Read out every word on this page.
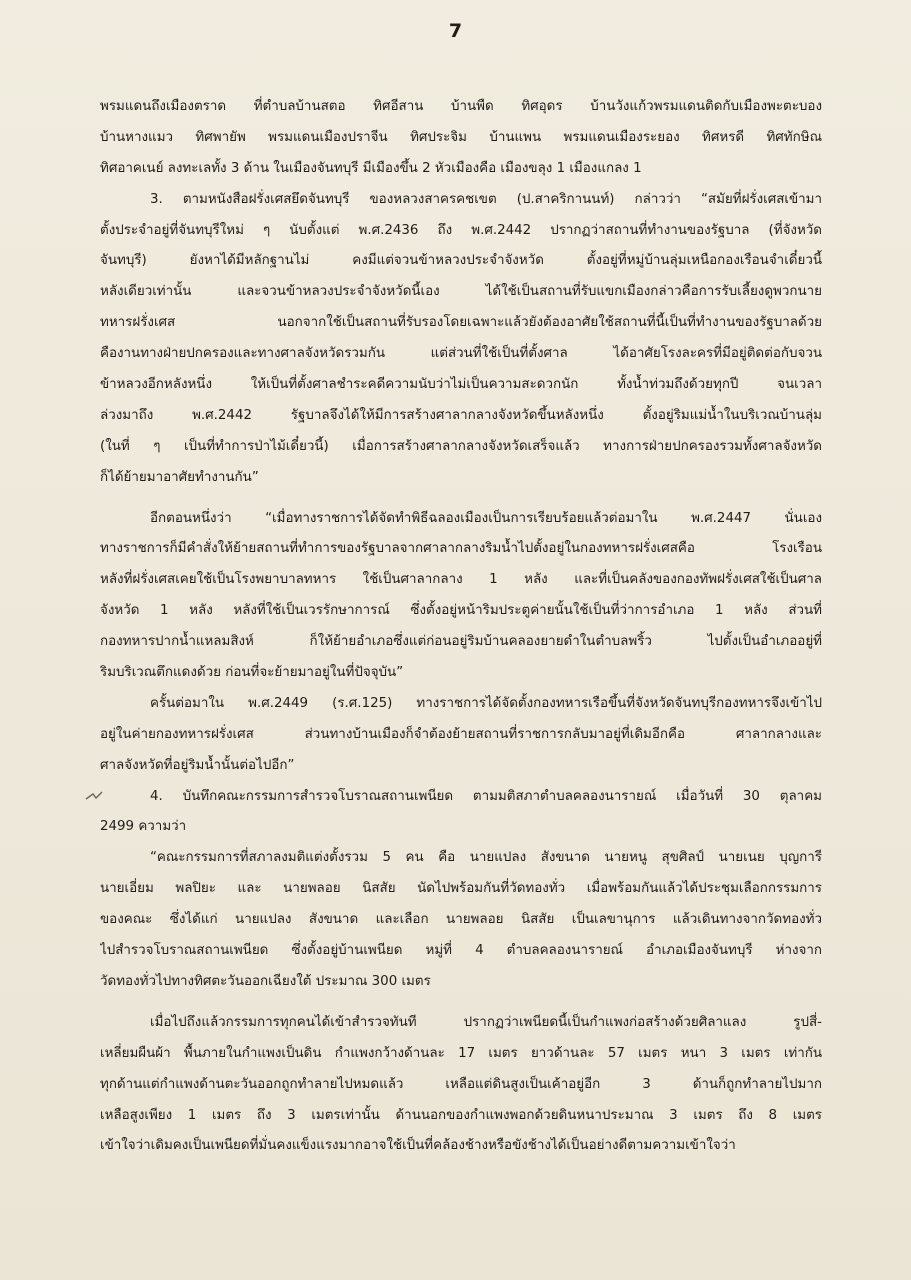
7
พรมแดนถึงเมืองตราด ที่ตำบลบ้านสตอ ทิศอีสาน บ้านพืด ทิศอุดร บ้านวังแก้วพรมแดนติดกับเมืองพะตะบอง
บ้านหางแมว ทิศพายัพ พรมแดนเมืองปราจีน ทิศประจิม บ้านแพน พรมแดนเมืองระยอง ทิศหรดี ทิศทักษิณ
ทิศอาคเนย์ ลงทะเลทั้ง 3 ด้าน ในเมืองจันทบุรี มีเมืองขึ้น 2 หัวเมืองคือ เมืองขลุง 1 เมืองแกลง 1
3. ตามหนังสือฝรั่งเศสยึดจันทบุรี ของหลวงสาครคชเขต (ป.สาคริกานนท์) กล่าวว่า “สมัยที่ฝรั่งเศสเข้ามา
ตั้งประจำอยู่ที่จันทบุรีใหม่ ๆ นับตั้งแต่ พ.ศ.2436 ถึง พ.ศ.2442 ปรากฏว่าสถานที่ทำงานของรัฐบาล (ที่จังหวัด
จันทบุรี) ยังหาได้มีหลักฐานไม่ คงมีแต่จวนข้าหลวงประจำจังหวัด ตั้งอยู่ที่หมู่บ้านลุ่มเหนือกองเรือนจำเดี๋ยวนี้
หลังเดียวเท่านั้น และจวนข้าหลวงประจำจังหวัดนี้เอง ได้ใช้เป็นสถานที่รับแขกเมืองกล่าวคือการรับเลี้ยงดูพวกนาย
ทหารฝรั่งเศส นอกจากใช้เป็นสถานที่รับรองโดยเฉพาะแล้วยังต้องอาศัยใช้สถานที่นี้เป็นที่ทำงานของรัฐบาลด้วย
คืองานทางฝ่ายปกครองและทางศาลจังหวัดรวมกัน แต่ส่วนที่ใช้เป็นที่ตั้งศาล ได้อาศัยโรงละครที่มีอยู่ติดต่อกับจวน
ข้าหลวงอีกหลังหนึ่ง ให้เป็นที่ตั้งศาลชำระคดีความนับว่าไม่เป็นความสะดวกนัก ทั้งน้ำท่วมถึงด้วยทุกปี จนเวลา
ล่วงมาถึง พ.ศ.2442 รัฐบาลจึงได้ให้มีการสร้างศาลากลางจังหวัดขึ้นหลังหนึ่ง ตั้งอยู่ริมแม่น้ำในบริเวณบ้านลุ่ม
(ในที่ ๆ เป็นที่ทำการป่าไม้เดี๋ยวนี้) เมื่อการสร้างศาลากลางจังหวัดเสร็จแล้ว ทางการฝ่ายปกครองรวมทั้งศาลจังหวัด
ก็ได้ย้ายมาอาศัยทำงานกัน”
อีกตอนหนึ่งว่า “เมื่อทางราชการได้จัดทำพิธีฉลองเมืองเป็นการเรียบร้อยแล้วต่อมาใน พ.ศ.2447 นั่นเอง
ทางราชการก็มีคำสั่งให้ย้ายสถานที่ทำการของรัฐบาลจากศาลากลางริมน้ำไปตั้งอยู่ในกองทหารฝรั่งเศสคือ โรงเรือน
หลังที่ฝรั่งเศสเคยใช้เป็นโรงพยาบาลทหาร ใช้เป็นศาลากลาง 1 หลัง และที่เป็นคลังของกองทัพฝรั่งเศสใช้เป็นศาล
จังหวัด 1 หลัง หลังที่ใช้เป็นเวรรักษาการณ์ ซึ่งตั้งอยู่หน้าริมประตูค่ายนั้นใช้เป็นที่ว่าการอำเภอ 1 หลัง ส่วนที่
กองทหารปากน้ำแหลมสิงห์ ก็ให้ย้ายอำเภอซึ่งแต่ก่อนอยู่ริมบ้านคลองยายดำในตำบลพริ้ว ไปตั้งเป็นอำเภออยู่ที่
ริมบริเวณตึกแดงด้วย ก่อนที่จะย้ายมาอยู่ในที่ปัจจุบัน”
ครั้นต่อมาใน พ.ศ.2449 (ร.ศ.125) ทางราชการได้จัดตั้งกองทหารเรือขึ้นที่จังหวัดจันทบุรีกองทหารจึงเข้าไป
อยู่ในค่ายกองทหารฝรั่งเศส ส่วนทางบ้านเมืองก็จำต้องย้ายสถานที่ราชการกลับมาอยู่ที่เดิมอีกคือ ศาลากลางและ
ศาลจังหวัดที่อยู่ริมน้ำนั้นต่อไปอีก”
4. บันทึกคณะกรรมการสำรวจโบราณสถานเพนียด ตามมติสภาตำบลคลองนารายณ์ เมื่อวันที่ 30 ตุลาคม
2499 ความว่า
“คณะกรรมการที่สภาลงมติแต่งตั้งรวม 5 คน คือ นายแปลง สังขนาด นายหนู สุขศิลป์ นายเนย บุญการี
นายเอี่ยม พลปิยะ และ นายพลอย นิสสัย นัดไปพร้อมกันที่วัดทองทั่ว เมื่อพร้อมกันแล้วได้ประชุมเลือกกรรมการ
ของคณะ ซึ่งได้แก่ นายแปลง สังขนาด และเลือก นายพลอย นิสสัย เป็นเลขานุการ แล้วเดินทางจากวัดทองทั่ว
ไปสำรวจโบราณสถานเพนียด ซึ่งตั้งอยู่บ้านเพนียด หมู่ที่ 4 ตำบลคลองนารายณ์ อำเภอเมืองจันทบุรี ห่างจาก
วัดทองทั่วไปทางทิศตะวันออกเฉียงใต้ ประมาณ 300 เมตร
เมื่อไปถึงแล้วกรรมการทุกคนได้เข้าสำรวจทันที ปรากฏว่าเพนียดนี้เป็นกำแพงก่อสร้างด้วยศิลาแลง รูปสี่-
เหลี่ยมผืนผ้า พื้นภายในกำแพงเป็นดิน กำแพงกว้างด้านละ 17 เมตร ยาวด้านละ 57 เมตร หนา 3 เมตร เท่ากัน
ทุกด้านแต่กำแพงด้านตะวันออกถูกทำลายไปหมดแล้ว เหลือแต่ดินสูงเป็นเค้าอยู่อีก 3 ด้านก็ถูกทำลายไปมาก
เหลือสูงเพียง 1 เมตร ถึง 3 เมตรเท่านั้น ด้านนอกของกำแพงพอกด้วยดินหนาประมาณ 3 เมตร ถึง 8 เมตร
เข้าใจว่าเดิมคงเป็นเพนียดที่มั่นคงแข็งแรงมากอาจใช้เป็นที่คล้องช้างหรือขังช้างได้เป็นอย่างดีตามความเข้าใจว่า
